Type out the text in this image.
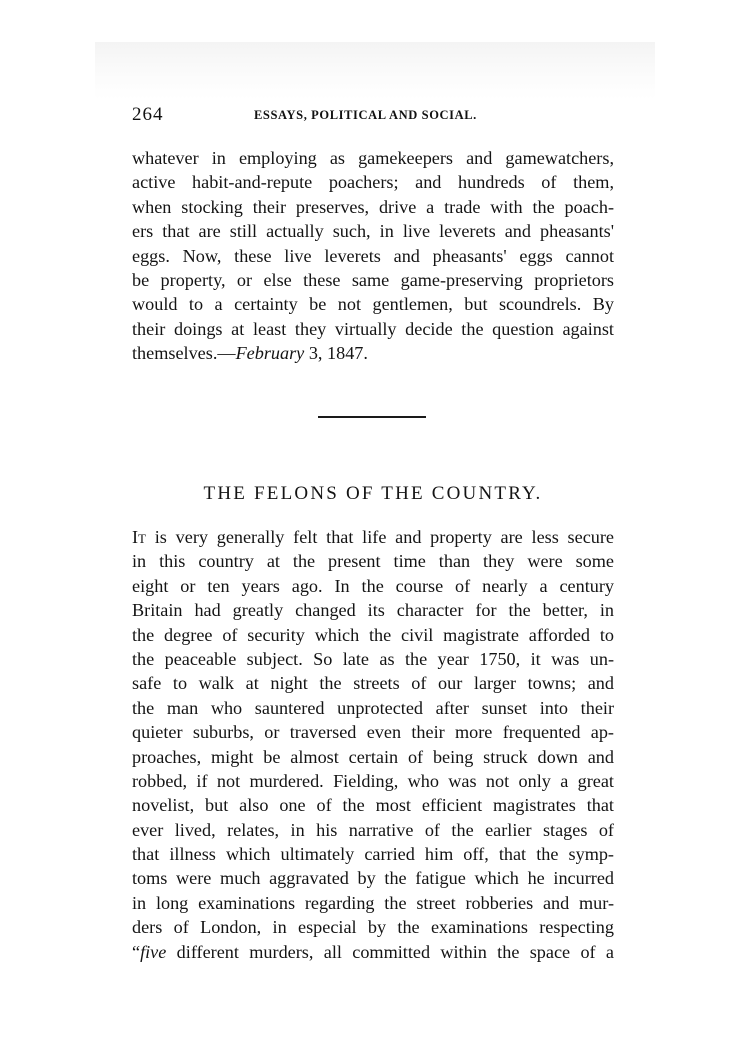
264	ESSAYS, POLITICAL AND SOCIAL.
whatever in employing as gamekeepers and gamewatchers,
active habit-and-repute poachers; and hundreds of them,
when stocking their preserves, drive a trade with the poach-
ers that are still actually such, in live leverets and pheasants'
eggs. Now, these live leverets and pheasants' eggs cannot
be property, or else these same game-preserving proprietors
would to a certainty be not gentlemen, but scoundrels. By
their doings at least they virtually decide the question against
themselves.—February 3, 1847.
THE FELONS OF THE COUNTRY.
It is very generally felt that life and property are less secure
in this country at the present time than they were some
eight or ten years ago. In the course of nearly a century
Britain had greatly changed its character for the better, in
the degree of security which the civil magistrate afforded to
the peaceable subject. So late as the year 1750, it was un-
safe to walk at night the streets of our larger towns; and
the man who sauntered unprotected after sunset into their
quieter suburbs, or traversed even their more frequented ap-
proaches, might be almost certain of being struck down and
robbed, if not murdered. Fielding, who was not only a great
novelist, but also one of the most efficient magistrates that
ever lived, relates, in his narrative of the earlier stages of
that illness which ultimately carried him off, that the symp-
toms were much aggravated by the fatigue which he incurred
in long examinations regarding the street robberies and mur-
ders of London, in especial by the examinations respecting
“five different murders, all committed within the space of a
